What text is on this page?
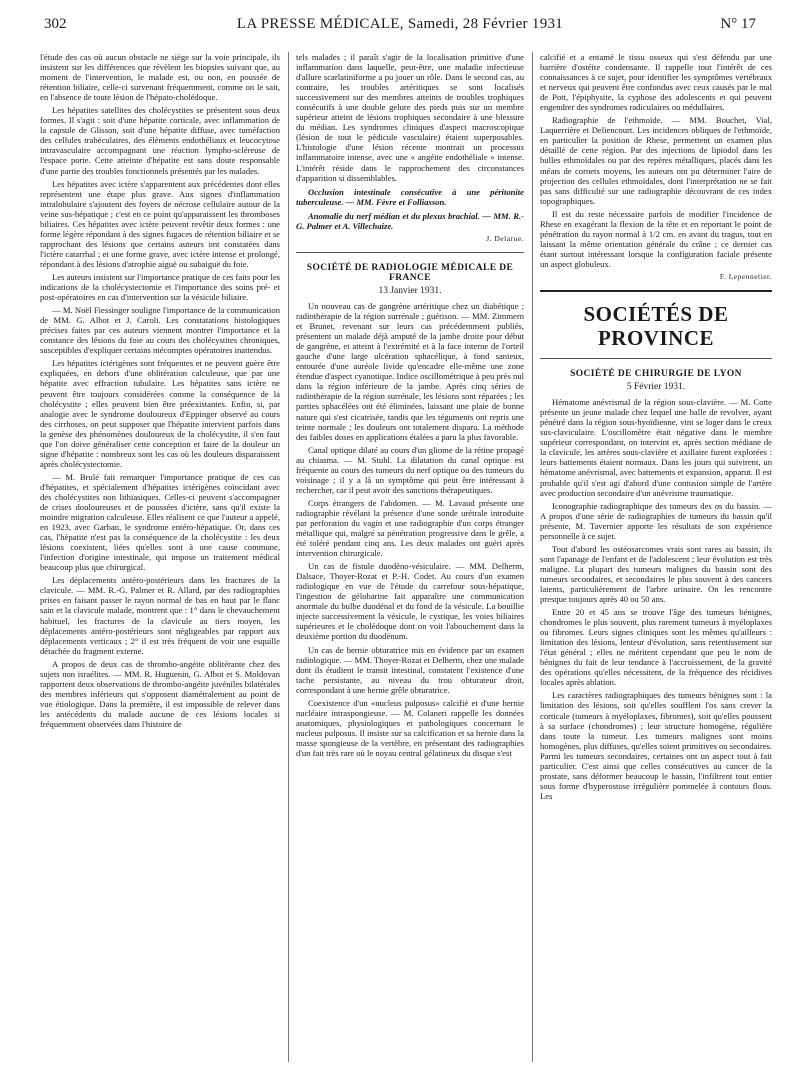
302	LA PRESSE MÉDICALE, Samedi, 28 Février 1931	N° 17

l'étude des cas où aucun obstacle ne siège sur la voie principale, ils insistent sur les différences que révèlent les biopsies suivant que, au moment de l'intervention, le malade est, ou non, en poussée de rétention biliaire, celle-ci survenant fréquemment, comme on le sait, en l'absence de toute lésion de l'hépato-cholédoque.

Les hépatites satellites des cholécystites se présentent sous deux formes. Il s'agit : soit d'une hépatite corticale, avec inflammation de la capsule de Glisson, soit d'une hépatite diffuse, avec tuméfaction des cellules trabéculaires, des éléments endothéliaux et leucocytose intravasculaire accompagnant une réaction lympho-scléreuse de l'espace porte. Cette atteinte d'hépatite est sans doute responsable d'une partie des troubles fonctionnels présentés par les malades.

Les hépatites avec ictère s'apparentent aux précédentes dont elles représentent une étape plus grave. Aux signes d'inflammation intralobulaire s'ajoutent des foyers de nécrose cellulaire autour de la veine sus-hépatique ; c'est en ce point qu'apparaissent les thromboses biliaires. Ces hépatites avec ictère peuvent revêtir deux formes : une forme légère répondant à des signes fugaces de rétention biliaire et se rapprochant des lésions que certains auteurs ont constatées dans l'ictère catarrhal ; et une forme grave, avec ictère intense et prolongé, répondant à des lésions d'atrophie aiguë ou subaiguë du foie.

Les auteurs insistent sur l'importance pratique de ces faits pour les indications de la cholécystectomie et l'importance des soins pré- et post-opératoires en cas d'intervention sur la vésicule biliaire.

— M. Noël Fiessinger souligne l'importance de la communication de MM. G. Albot et J. Caroli. Les constatations histologiques précises faites par ces auteurs viennent montrer l'importance et la constance des lésions du foie au cours des cholécystites chroniques, susceptibles d'expliquer certains mécomptes opératoires inattendus.

Les hépatites ictérigènes sont fréquentes et ne peuvent guère être expliquées, en dehors d'une oblitération calculeuse, que par une hépatite avec effraction tubulaire. Les hépatites sans ictère ne peuvent être toujours considérées comme la conséquence de la cholécystite ; elles peuvent bien être préexistantes. Enfin, si, par analogie avec le syndrome douloureux d'Eppinger observé au cours des cirrhoses, on peut supposer que l'hépatite intervient parfois dans la genèse des phénomènes douloureux de la cholécystite, il s'en faut que l'on doive généraliser cette conception et faire de la douleur un signe d'hépatite : nombreux sont les cas où les douleurs disparaissent après cholécystectomie.

— M. Brulé fait remarquer l'importance pratique de ces cas d'hépatites, et spécialement d'hépatites ictérigènes coïncidant avec des cholécystites non lithiasiques. Celles-ci peuvent s'accompagner de crises douloureuses et de poussées d'ictère, sans qu'il existe la moindre migration calculeuse. Elles réalisent ce que l'auteur a appelé, en 1923, avec Garban, le syndrome entéro-hépatique. Or, dans ces cas, l'hépatite n'est pas la conséquence de la cholécystite : les deux lésions coexistent, liées qu'elles sont à une cause commune, l'infection d'origine intestinale, qui impose un traitement médical beaucoup plus que chirurgical.

Les déplacements antéro-postérieurs dans les fractures de la clavicule. — MM. R.-G. Palmer et R. Allard, par des radiographies prises en faisant passer le rayon normal de bas en haut par le flanc sain et la clavicule malade, montrent que : 1° dans le chevauchement habituel, les fractures de la clavicule au tiers moyen, les déplacements antéro-postérieurs sont négligeables par rapport aux déplacements verticaux ; 2° il est très fréquent de voir une esquille détachée du fragment externe.

A propos de deux cas de thrombo-angéite oblitérante chez des sujets non israélites. — MM. R. Huguenin, G. Albot et S. Moldovan rapportent deux observations de thrombo-angéite juvéniles bilatérales des membres inférieurs qui s'opposent diamétralement au point de vue étiologique. Dans la première, il est impossible de relever dans les antécédents du malade aucune de ces lésions locales si fréquemment observées dans l'histoire de

tels malades ; il paraît s'agir de la localisation primitive d'une inflammation dans laquelle, peut-être, une maladie infectieuse d'allure scarlatiniforme a pu jouer un rôle. Dans le second cas, au contraire, les troubles artéritiques se sont localisés successivement sur des membres atteints de troubles trophiques consécutifs à une double gelure des pieds puis sur un membre supérieur atteint de lésions trophiques secondaire à une blessure du médian. Les syndromes cliniques d'aspect macroscopique (lésion de tout le pédicule vasculaire) étaient superposables. L'histologie d'une lésion récente montrait un processus inflammatoire intense, avec une « angéite endothéliale » intense. L'intérêt réside dans le rapprochement des circonstances d'apparition si dissemblables.

Occlusion intestinale consécutive à une péritonite tuberculeuse. — MM. Fèvre et Folliasson.

Anomalie du nerf médian et du plexus brachial. — MM. R.-G. Palmer et A. Villechaize.

J. Delarue.

SOCIÉTÉ DE RADIOLOGIE MÉDICALE DE FRANCE

13 Janvier 1931.

Un nouveau cas de gangrène artéritique chez un diabétique ; radiothérapie de la région surrénale ; guérison. — MM. Zimmern et Brunet, revenant sur leurs cas précédemment publiés, présentent un malade déjà amputé de la jambe droite pour début de gangrène, et atteint à l'extrémité et à la face interne de l'orteil gauche d'une large ulcération sphacélique, à fond sanieux, entourée d'une auréole livide qu'encadre elle-même une zone étendue d'aspect cyanotique. Indice oscillométrique à peu près nul dans la région inférieure de la jambe. Après cinq séries de radiothérapie de la région surrénale, les lésions sont réparées ; les parties sphacélées ont été éliminées, laissant une plaie de bonne nature qui s'est cicatrisée, tandis que les téguments ont repris une teinte normale ; les douleurs ont totalement disparu. La méthode des faibles doses en applications étalées a paru la plus favorable.

Canal optique dilaté au cours d'un gliome de la rétine propagé au chiasma. — M. Stuhl. La dilatation du canal optique est fréquente au cours des tumeurs du nerf optique ou des tumeurs du voisinage ; il y a là un symptôme qui peut être intéressant à rechercher, car il peut avoir des sanctions thérapeutiques.

Corps étrangers de l'abdomen. — M. Lavaud présente une radiographie révélant la présence d'une sonde urétrale introduite par perforation du vagin et une radiographie d'un corps étranger métallique qui, malgré sa pénétration progressive dans le grêle, a été toléré pendant cinq ans. Les deux malades ont guéri après intervention chirurgicale.

Un cas de fistule duodéno-vésiculaire. — MM. Delherm, Dalsace, Thoyer-Rozat et P.-H. Codet. Au cours d'un examen radiologique en vue de l'étude du carrefour sous-hépatique, l'ingestion de gélobarine fait apparaître une communication anormale du bulbe duodénal et du fond de la vésicule. La bouillie injecte successivement la vésicule, le cystique, les voies biliaires supérieures et le cholédoque dont on voit l'abouchement dans la deuxième portion du duodénum.

Un cas de hernie obturatrice mis en évidence par un examen radiologique. — MM. Thoyer-Rozat et Delherm, chez une malade dont ils étudient le transit intestinal, constatent l'existence d'une tache persistante, au niveau du trou obturateur droit, correspondant à une hernie grêle obturatrice.

Coexistence d'un «nucleus pulposus» calcifié et d'une hernie nucléaire intraspongieuse. — M. Colaneri rappelle les données anatomiques, physiologiques et pathologiques concernant le nucleus pulposus. Il insiste sur sa calcification et sa hernie dans la masse spongieuse de la vertèbre, en présentant des radiographies d'un fait très rare où le noyau central gélatineux du disque s'est

calcifié et a entamé le tissu osseux qui s'est défendu par une barrière d'ostéite condensante. Il rappelle tout l'intérêt de ces connaissances à ce sujet, pour identifier les symptômes vertébraux et nerveux qui peuvent être confondus avec ceux causés par le mal de Pott, l'épiphysite, la cyphose des adolescents et qui peuvent engendrer des syndromes radiculaires ou médullaires.

Radiographie de l'ethmoïde. — MM. Bouchet, Vial, Laquerrière et Deliencourt. Les incidences obliques de l'ethmoïde, en particulier la position de Rhese, permettent un examen plus détaillé de cette région. Par des injections de lipiodol dans les bulles ethmoïdales ou par des repères métalliques, placés dans les méats de cornets moyens, les auteurs ont pu déterminer l'aire de projection des cellules ethmoïdales, dont l'interprétation ne se fait pas sans difficulté sur une radiographie découvrant de ces index topographiques.

Il est du reste nécessaire parfois de modifier l'incidence de Rhese en exagérant la flexion de la tête et en reportant le point de pénétration du rayon normal à 1/2 cm. en avant du tragus, tout en laissant la même orientation générale du crâne ; ce dernier cas étant surtout intéressant lorsque la configuration faciale présente un aspect globuleux.

F. Lepennetier.

SOCIÉTÉS DE PROVINCE

SOCIÉTÉ DE CHIRURGIE DE LYON

5 Février 1931.

Hématome anévrismal de la région sous-clavière. — M. Cotte présente un jeune malade chez lequel une balle de revolver, ayant pénétré dans la région sous-hyoïdienne, vint se loger dans le creux sus-claviculaire. L'oscillomètre était négative dans le membre supérieur correspondant, on intervint et, après section médiane de la clavicule, les artères sous-clavière et axillaire furent explorées : leurs battements étaient normaux. Dans les jours qui suivirent, un hématome anévrismal, avec battements et expansion, apparut. Il est probable qu'il s'est agi d'abord d'une contusion simple de l'artère avec production secondaire d'un anévrisme traumatique.

Iconographie radiographique des tumeurs des os du bassin. — A propos d'une série de radiographies de tumeurs du bassin qu'il présente, M. Tavernier apporte les résultats de son expérience personnelle à ce sujet.

Tout d'abord les ostéosarcomes vrais sont rares au bassin, ils sont l'apanage de l'enfant et de l'adolescent ; leur évolution est très maligne. La plupart des tumeurs malignes du bassin sont des tumeurs secondaires, et secondaires le plus souvent à des cancers latents, particulièrement de l'arbre urinaire. On les rencontre presque toujours après 40 ou 50 ans.

Entre 20 et 45 ans se trouve l'âge des tumeurs bénignes, chondromes le plus souvent, plus rarement tumeurs à myéloplaxes ou fibromes. Leurs signes cliniques sont les mêmes qu'ailleurs : limitation des lésions, lenteur d'évolution, sans retentissement sur l'état général ; elles ne méritent cependant que peu le nom de bénignes du fait de leur tendance à l'accroissement, de la gravité des opérations qu'elles nécessitent, de la fréquence des récidives locales après ablation.

Les caractères radiographiques des tumeurs bénignes sont : la limitation des lésions, soit qu'elles soufflent l'os sans crever la corticale (tumeurs à myéloplaxes, fibromes), soit qu'elles poussent à sa surface (chondromes) ; leur structure homogène, régulière dans toute la tumeur. Les tumeurs malignes sont moins homogènes, plus diffuses, qu'elles soient primitives ou secondaires. Parmi les tumeurs secondaires, certaines ont un aspect tout à fait particulier. C'est ainsi que celles consécutives au cancer de la prostate, sans déformer beaucoup le bassin, l'infiltrent tout entier sous forme d'hyperostose irrégulière pommelée à contours flous. Les
